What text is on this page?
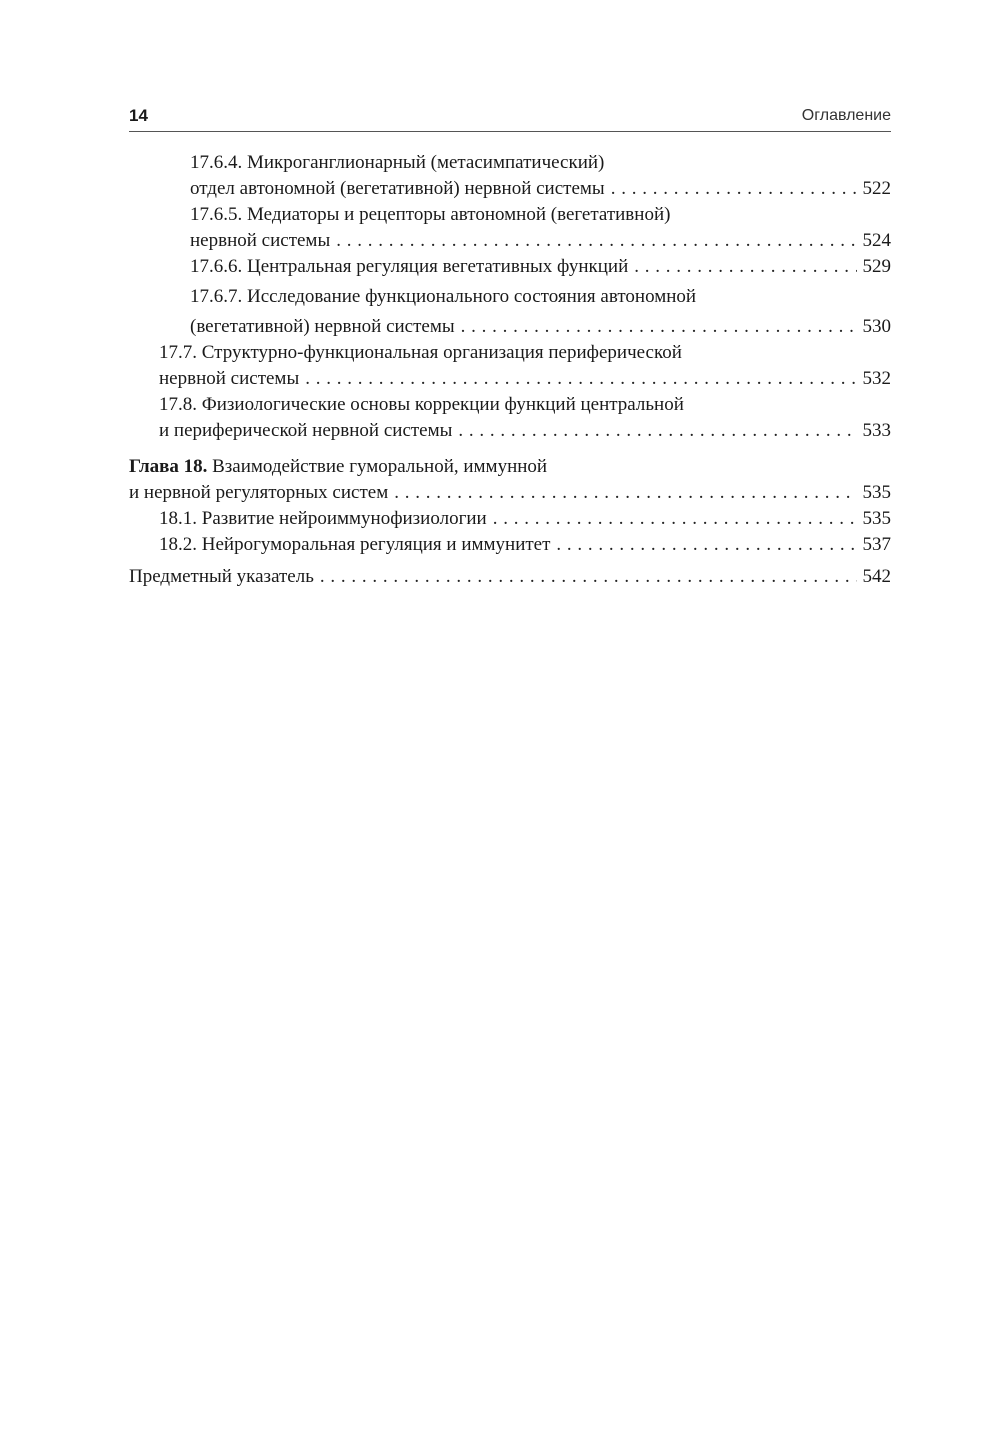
14	Оглавление
17.6.4. Микроганглионарный (метасимпатический)
отдел автономной (вегетативной) нервной системы . . .	522
17.6.5. Медиаторы и рецепторы автономной (вегетативной)
нервной системы . . .	524
17.6.6. Центральная регуляция вегетативных функций . . .	529
17.6.7. Исследование функционального состояния автономной
(вегетативной) нервной системы . . .	530
17.7. Структурно-функциональная организация периферической
нервной системы . . .	532
17.8. Физиологические основы коррекции функций центральной
и периферической нервной системы . . .	533
Глава 18. Взаимодействие гуморальной, иммунной
и нервной регуляторных систем . . .	535
18.1. Развитие нейроиммунофизиологии . . .	535
18.2. Нейрогуморальная регуляция и иммунитет . . .	537
Предметный указатель . . .	542
